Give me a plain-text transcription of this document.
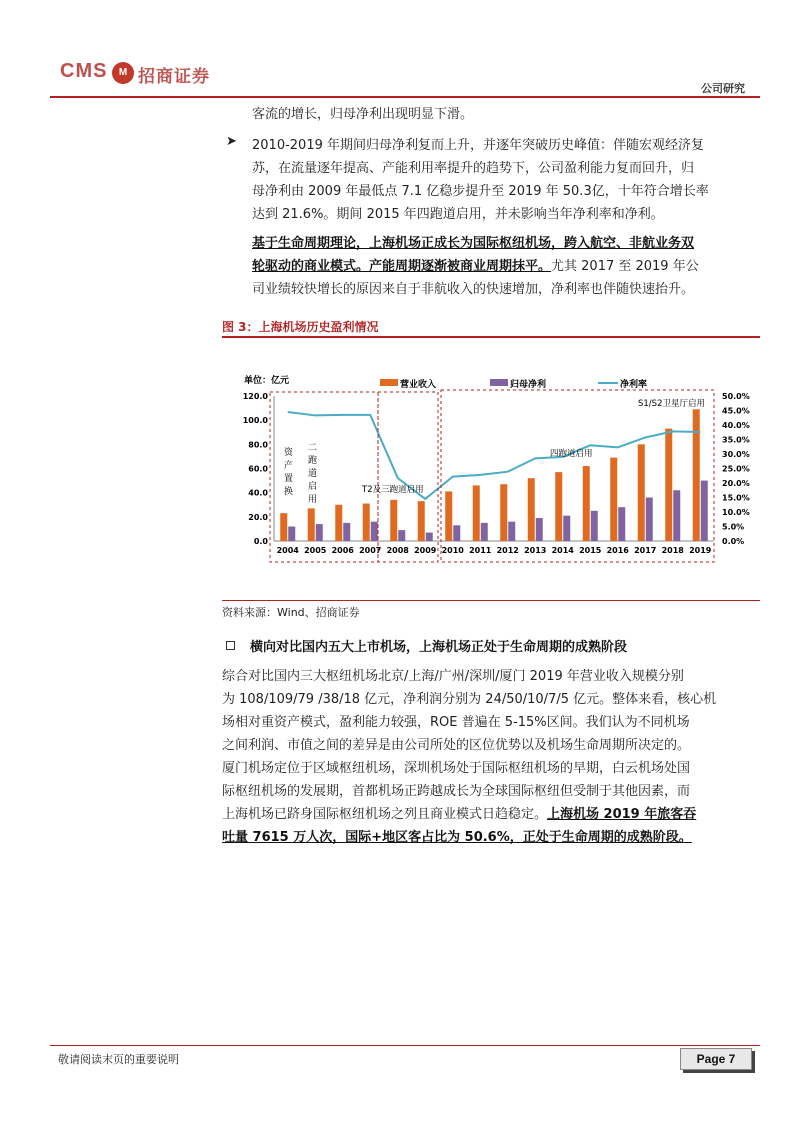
CMS	M 招商证券
公司研究
客流的增长，归母净利出现明显下滑。
➤ 2010-2019 年期间归母净利复而上升，并逐年突破历史峰值：伴随宏观经济复
苏，在流量逐年提高、产能利用率提升的趋势下，公司盈利能力复而回升，归
母净利由 2009 年最低点 7.1 亿稳步提升至 2019 年 50.3亿，十年符合增长率
达到 21.6%。期间 2015 年四跑道启用，并未影响当年净利率和净利。
基于生命周期理论，上海机场正成长为国际枢纽机场，跨入航空、非航业务双
轮驱动的商业模式。产能周期逐渐被商业周期抹平。尤其 2017 至 2019 年公
司业绩较快增长的原因来自于非航收入的快速增加，净利率也伴随快速抬升。
图 3：上海机场历史盈利情况
营业收入	归母净利	净利率
单位：亿元
0.0
20.0
40.0
60.0
80.0
100.0
120.0
0.0%
5.0%
10.0%
15.0%
20.0%
25.0%
30.0%
35.0%
40.0%
45.0%
50.0%
2004 2005 2006 2007 2008 2009 2010 2011 2012 2013 2014 2015 2016 2017 2018 2019
资
产
置
换
二
跑
道
启
用
T2及三跑道启用
四跑道启用
S1/S2卫星厅启用
资料来源：Wind、招商证券
横向对比国内五大上市机场，上海机场正处于生命周期的成熟阶段
综合对比国内三大枢纽机场北京/上海/广州/深圳/厦门 2019 年营业收入规模分别
为 108/109/79 /38/18 亿元，净利润分别为 24/50/10/7/5 亿元。整体来看，核心机
场相对重资产模式，盈利能力较强，ROE 普遍在 5-15%区间。我们认为不同机场
之间利润、市值之间的差异是由公司所处的区位优势以及机场生命周期所决定的。
厦门机场定位于区域枢纽机场，深圳机场处于国际枢纽机场的早期，白云机场处国
际枢纽机场的发展期，首都机场正跨越成长为全球国际枢纽但受制于其他因素，而
上海机场已跻身国际枢纽机场之列且商业模式日趋稳定。上海机场 2019 年旅客吞
吐量 7615 万人次，国际+地区客占比为 50.6%，正处于生命周期的成熟阶段。
敬请阅读末页的重要说明	Page 7
